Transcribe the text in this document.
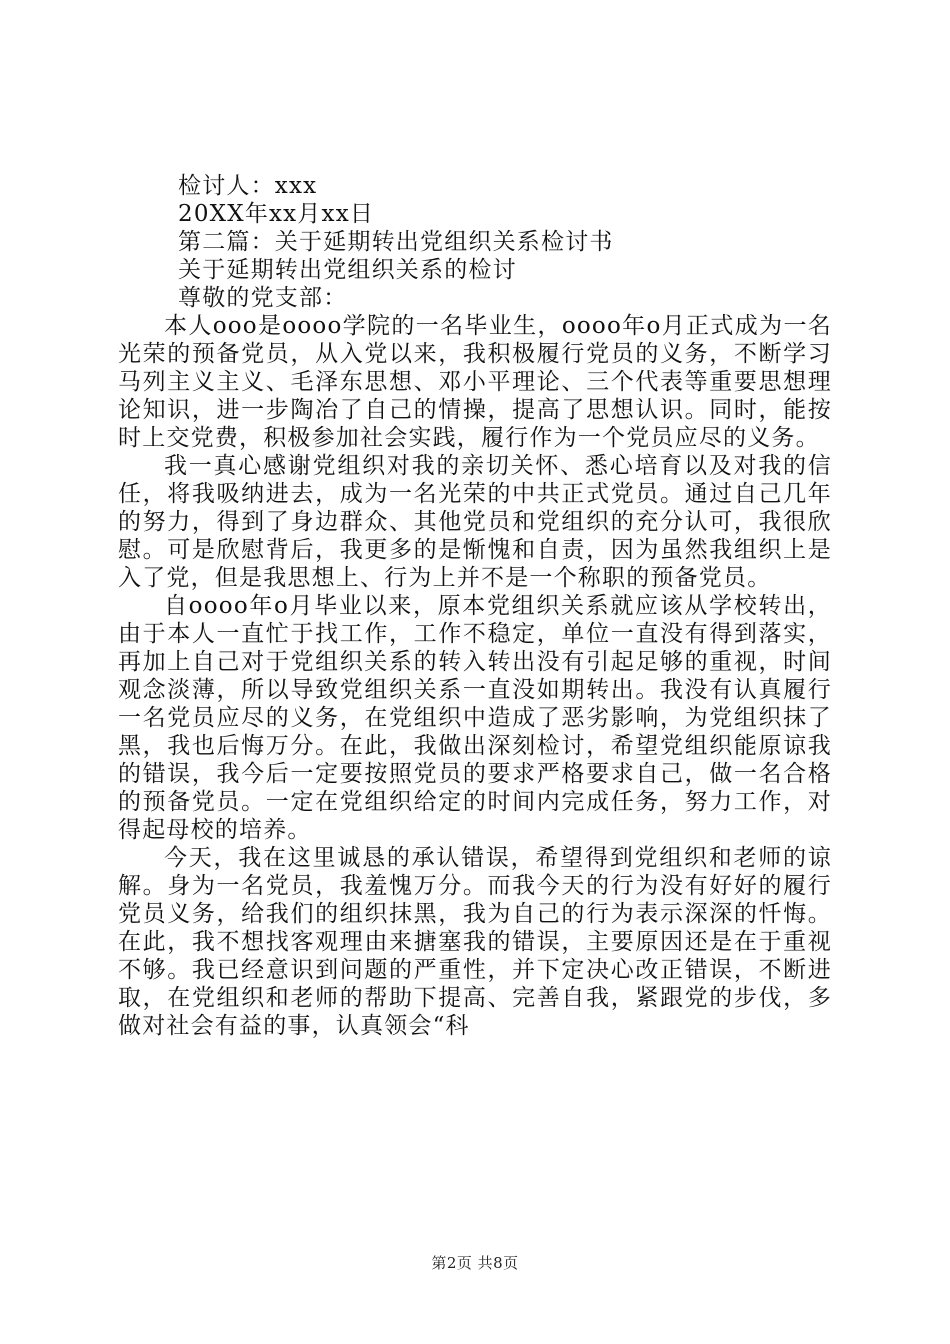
检讨人：xxx

20XX年xx月xx日

第二篇：关于延期转出党组织关系检讨书

关于延期转出党组织关系的检讨

尊敬的党支部：

本人ooo是oooo学院的一名毕业生，oooo年o月正式成为一名光荣的预备党员，从入党以来，我积极履行党员的义务，不断学习马列主义主义、毛泽东思想、邓小平理论、三个代表等重要思想理论知识，进一步陶冶了自己的情操，提高了思想认识。同时，能按时上交党费，积极参加社会实践，履行作为一个党员应尽的义务。

我一真心感谢党组织对我的亲切关怀、悉心培育以及对我的信任，将我吸纳进去，成为一名光荣的中共正式党员。通过自己几年的努力，得到了身边群众、其他党员和党组织的充分认可，我很欣慰。可是欣慰背后，我更多的是惭愧和自责，因为虽然我组织上是入了党，但是我思想上、行为上并不是一个称职的预备党员。

自oooo年o月毕业以来，原本党组织关系就应该从学校转出，由于本人一直忙于找工作，工作不稳定，单位一直没有得到落实，再加上自己对于党组织关系的转入转出没有引起足够的重视，时间观念淡薄，所以导致党组织关系一直没如期转出。我没有认真履行一名党员应尽的义务，在党组织中造成了恶劣影响，为党组织抹了黑，我也后悔万分。在此，我做出深刻检讨，希望党组织能原谅我的错误，我今后一定要按照党员的要求严格要求自己，做一名合格的预备党员。一定在党组织给定的时间内完成任务，努力工作，对得起母校的培养。

今天，我在这里诚恳的承认错误，希望得到党组织和老师的谅解。身为一名党员，我羞愧万分。而我今天的行为没有好好的履行党员义务，给我们的组织抹黑，我为自己的行为表示深深的忏悔。在此，我不想找客观理由来搪塞我的错误，主要原因还是在于重视不够。我已经意识到问题的严重性，并下定决心改正错误，不断进取，在党组织和老师的帮助下提高、完善自我，紧跟党的步伐，多做对社会有益的事，认真领会“科

第2页 共8页
